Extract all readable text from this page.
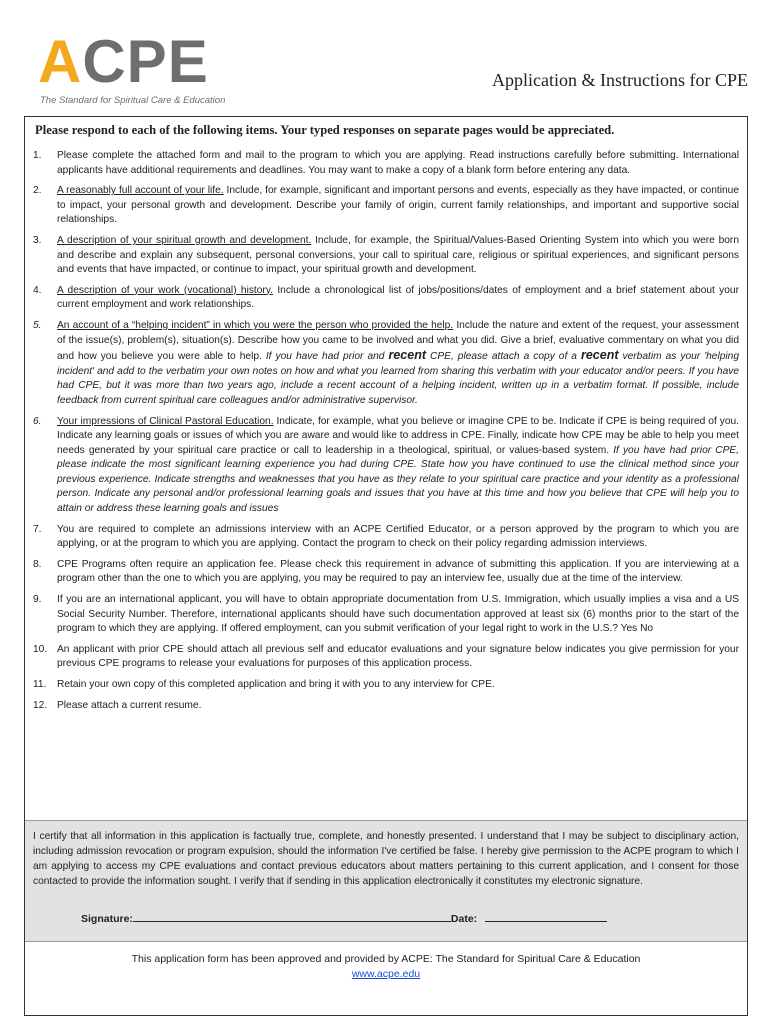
ACPE
The Standard for Spiritual Care & Education
Application & Instructions for CPE
Please respond to each of the following items. Your typed responses on separate pages would be appreciated.
1. Please complete the attached form and mail to the program to which you are applying. Read instructions carefully before submitting. International applicants have additional requirements and deadlines. You may want to make a copy of a blank form before entering any data.
2. A reasonably full account of your life. Include, for example, significant and important persons and events, especially as they have impacted, or continue to impact, your personal growth and development. Describe your family of origin, current family relationships, and important and supportive social relationships.
3. A description of your spiritual growth and development. Include, for example, the Spiritual/Values-Based Orienting System into which you were born and describe and explain any subsequent, personal conversions, your call to spiritual care, religious or spiritual experiences, and significant persons and events that have impacted, or continue to impact, your spiritual growth and development.
4. A description of your work (vocational) history. Include a chronological list of jobs/positions/dates of employment and a brief statement about your current employment and work relationships.
5. An account of a “helping incident” in which you were the person who provided the help. Include the nature and extent of the request, your assessment of the issue(s), problem(s), situation(s). Describe how you came to be involved and what you did. Give a brief, evaluative commentary on what you did and how you believe you were able to help. If you have had prior and recent CPE, please attach a copy of a recent verbatim as your 'helping incident' and add to the verbatim your own notes on how and what you learned from sharing this verbatim with your educator and/or peers. If you have had CPE, but it was more than two years ago, include a recent account of a helping incident, written up in a verbatim format. If possible, include feedback from current spiritual care colleagues and/or administrative supervisor.
6. Your impressions of Clinical Pastoral Education. Indicate, for example, what you believe or imagine CPE to be. Indicate if CPE is being required of you. Indicate any learning goals or issues of which you are aware and would like to address in CPE. Finally, indicate how CPE may be able to help you meet needs generated by your spiritual care practice or call to leadership in a theological, spiritual, or values-based system. If you have had prior CPE, please indicate the most significant learning experience you had during CPE. State how you have continued to use the clinical method since your previous experience. Indicate strengths and weaknesses that you have as they relate to your spiritual care practice and your identity as a professional person. Indicate any personal and/or professional learning goals and issues that you have at this time and how you believe that CPE will help you to attain or address these learning goals and issues
7. You are required to complete an admissions interview with an ACPE Certified Educator, or a person approved by the program to which you are applying, or at the program to which you are applying. Contact the program to check on their policy regarding admission interviews.
8. CPE Programs often require an application fee. Please check this requirement in advance of submitting this application. If you are interviewing at a program other than the one to which you are applying, you may be required to pay an interview fee, usually due at the time of the interview.
9. If you are an international applicant, you will have to obtain appropriate documentation from U.S. Immigration, which usually implies a visa and a US Social Security Number. Therefore, international applicants should have such documentation approved at least six (6) months prior to the start of the program to which they are applying. If offered employment, can you submit verification of your legal right to work in the U.S.? Yes No
10. An applicant with prior CPE should attach all previous self and educator evaluations and your signature below indicates you give permission for your previous CPE programs to release your evaluations for purposes of this application process.
11. Retain your own copy of this completed application and bring it with you to any interview for CPE.
12. Please attach a current resume.
I certify that all information in this application is factually true, complete, and honestly presented. I understand that I may be subject to disciplinary action, including admission revocation or program expulsion, should the information I've certified be false. I hereby give permission to the ACPE program to which I am applying to access my CPE evaluations and contact previous educators about matters pertaining to this current application, and I consent for those contacted to provide the information sought. I verify that if sending in this application electronically it constitutes my electronic signature.
Signature:	Date:
This application form has been approved and provided by ACPE: The Standard for Spiritual Care & Education
www.acpe.edu
